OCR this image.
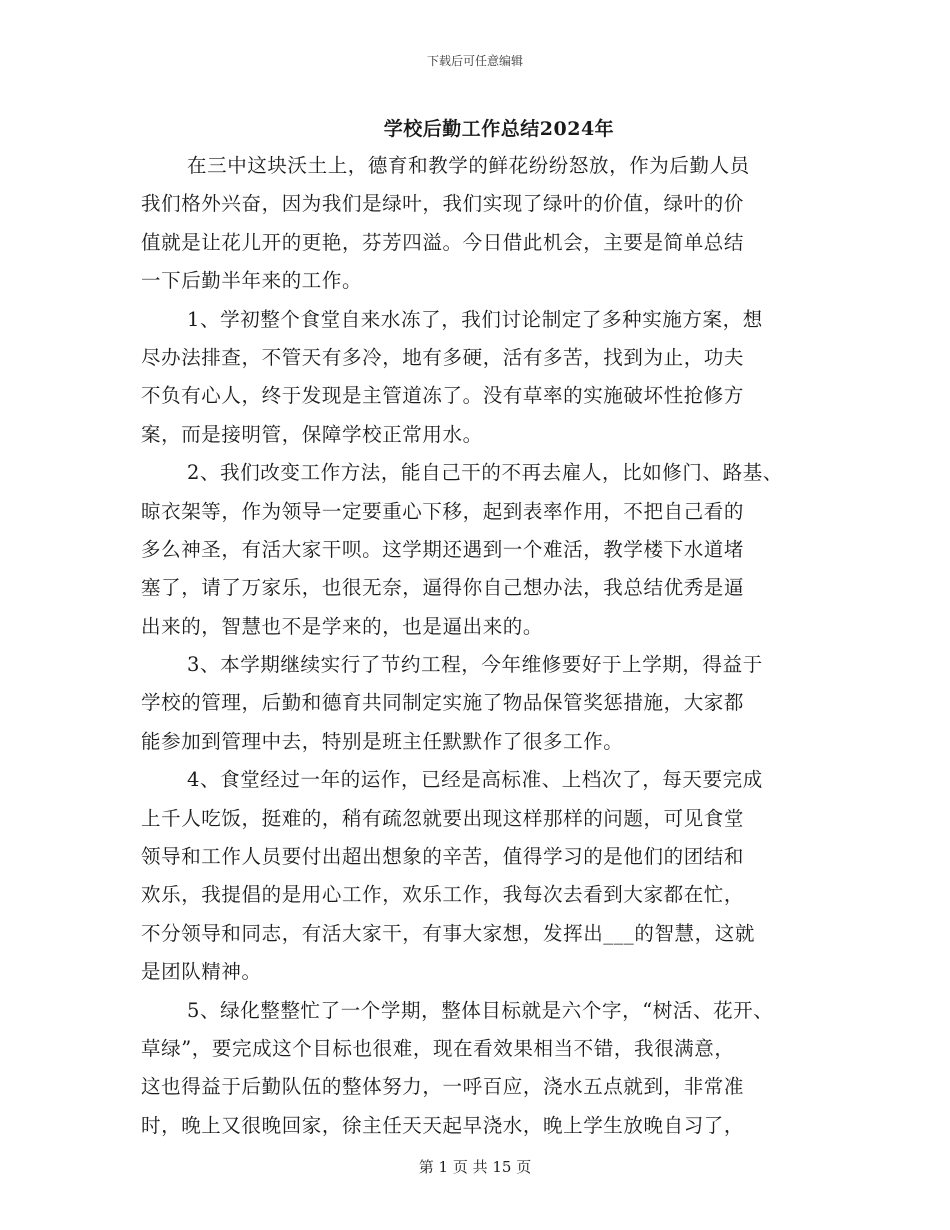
下载后可任意编辑
学校后勤工作总结2024年
在三中这块沃土上，德育和教学的鲜花纷纷怒放，作为后勤人员
我们格外兴奋，因为我们是绿叶，我们实现了绿叶的价值，绿叶的价
值就是让花儿开的更艳，芬芳四溢。今日借此机会，主要是简单总结
一下后勤半年来的工作。
1、学初整个食堂自来水冻了，我们讨论制定了多种实施方案，想
尽办法排查，不管天有多冷，地有多硬，活有多苦，找到为止，功夫
不负有心人，终于发现是主管道冻了。没有草率的实施破坏性抢修方
案，而是接明管，保障学校正常用水。
2、我们改变工作方法，能自己干的不再去雇人，比如修门、路基、
晾衣架等，作为领导一定要重心下移，起到表率作用，不把自己看的
多么神圣，有活大家干呗。这学期还遇到一个难活，教学楼下水道堵
塞了，请了万家乐，也很无奈，逼得你自己想办法，我总结优秀是逼
出来的，智慧也不是学来的，也是逼出来的。
3、本学期继续实行了节约工程，今年维修要好于上学期，得益于
学校的管理，后勤和德育共同制定实施了物品保管奖惩措施，大家都
能参加到管理中去，特别是班主任默默作了很多工作。
4、食堂经过一年的运作，已经是高标准、上档次了，每天要完成
上千人吃饭，挺难的，稍有疏忽就要出现这样那样的问题，可见食堂
领导和工作人员要付出超出想象的辛苦，值得学习的是他们的团结和
欢乐，我提倡的是用心工作，欢乐工作，我每次去看到大家都在忙，
不分领导和同志，有活大家干，有事大家想，发挥出___的智慧，这就
是团队精神。
5、绿化整整忙了一个学期，整体目标就是六个字，“树活、花开、
草绿”，要完成这个目标也很难，现在看效果相当不错，我很满意，
这也得益于后勤队伍的整体努力，一呼百应，浇水五点就到，非常准
时，晚上又很晚回家，徐主任天天起早浇水，晚上学生放晚自习了，
第 1 页 共 15 页
